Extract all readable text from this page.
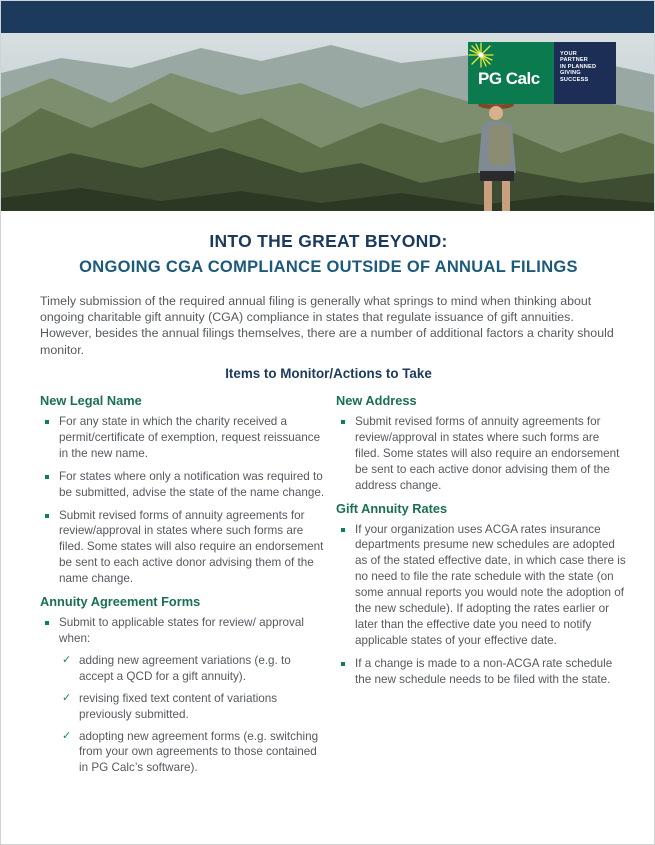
PG Calc
YOUR
PARTNER
IN PLANNED
GIVING
SUCCESS
INTO THE GREAT BEYOND:
ONGOING CGA COMPLIANCE OUTSIDE OF ANNUAL FILINGS

Timely submission of the required annual filing is generally what springs to mind when thinking about ongoing charitable gift annuity (CGA) compliance in states that regulate issuance of gift annuities. However, besides the annual filings themselves, there are a number of additional factors a charity should monitor.

Items to Monitor/Actions to Take
New Legal Name
For any state in which the charity received a permit/certificate of exemption, request reissuance in the new name.
For states where only a notification was required to be submitted, advise the state of the name change.
Submit revised forms of annuity agreements for review/approval in states where such forms are filed. Some states will also require an endorsement be sent to each active donor advising them of the name change.
Annuity Agreement Forms
Submit to applicable states for review/ approval when:
✓ adding new agreement variations (e.g. to accept a QCD for a gift annuity).
✓ revising fixed text content of variations previously submitted.
✓ adopting new agreement forms (e.g. switching from your own agreements to those contained in PG Calc’s software).
New Address
Submit revised forms of annuity agreements for review/approval in states where such forms are filed. Some states will also require an endorsement be sent to each active donor advising them of the address change.
Gift Annuity Rates
If your organization uses ACGA rates insurance departments presume new schedules are adopted as of the stated effective date, in which case there is no need to file the rate schedule with the state (on some annual reports you would note the adoption of the new schedule). If adopting the rates earlier or later than the effective date you need to notify applicable states of your effective date.
If a change is made to a non-ACGA rate schedule the new schedule needs to be filed with the state.
